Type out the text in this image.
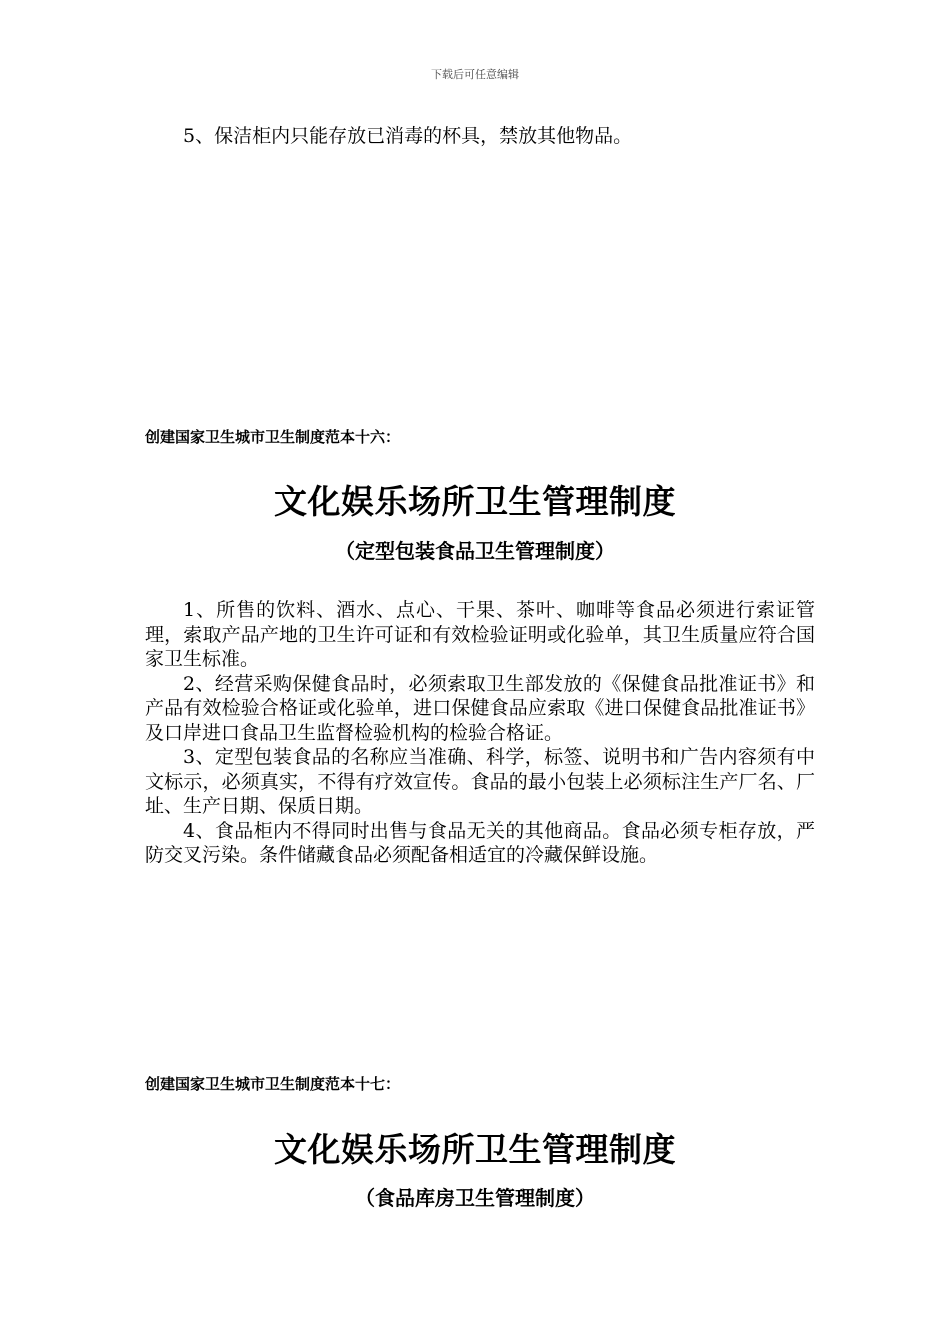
下载后可任意编辑

5、保洁柜内只能存放已消毒的杯具，禁放其他物品。

创建国家卫生城市卫生制度范本十六：
文化娱乐场所卫生管理制度
（定型包装食品卫生管理制度）

1、所售的饮料、酒水、点心、干果、茶叶、咖啡等食品必须进行索证管理，索取产品产地的卫生许可证和有效检验证明或化验单，其卫生质量应符合国家卫生标准。

2、经营采购保健食品时，必须索取卫生部发放的《保健食品批准证书》和产品有效检验合格证或化验单，进口保健食品应索取《进口保健食品批准证书》及口岸进口食品卫生监督检验机构的检验合格证。

3、定型包装食品的名称应当准确、科学，标签、说明书和广告内容须有中文标示，必须真实，不得有疗效宣传。食品的最小包装上必须标注生产厂名、厂址、生产日期、保质日期。

4、食品柜内不得同时出售与食品无关的其他商品。食品必须专柜存放，严防交叉污染。条件储藏食品必须配备相适宜的冷藏保鲜设施。

创建国家卫生城市卫生制度范本十七：
文化娱乐场所卫生管理制度
（食品库房卫生管理制度）
